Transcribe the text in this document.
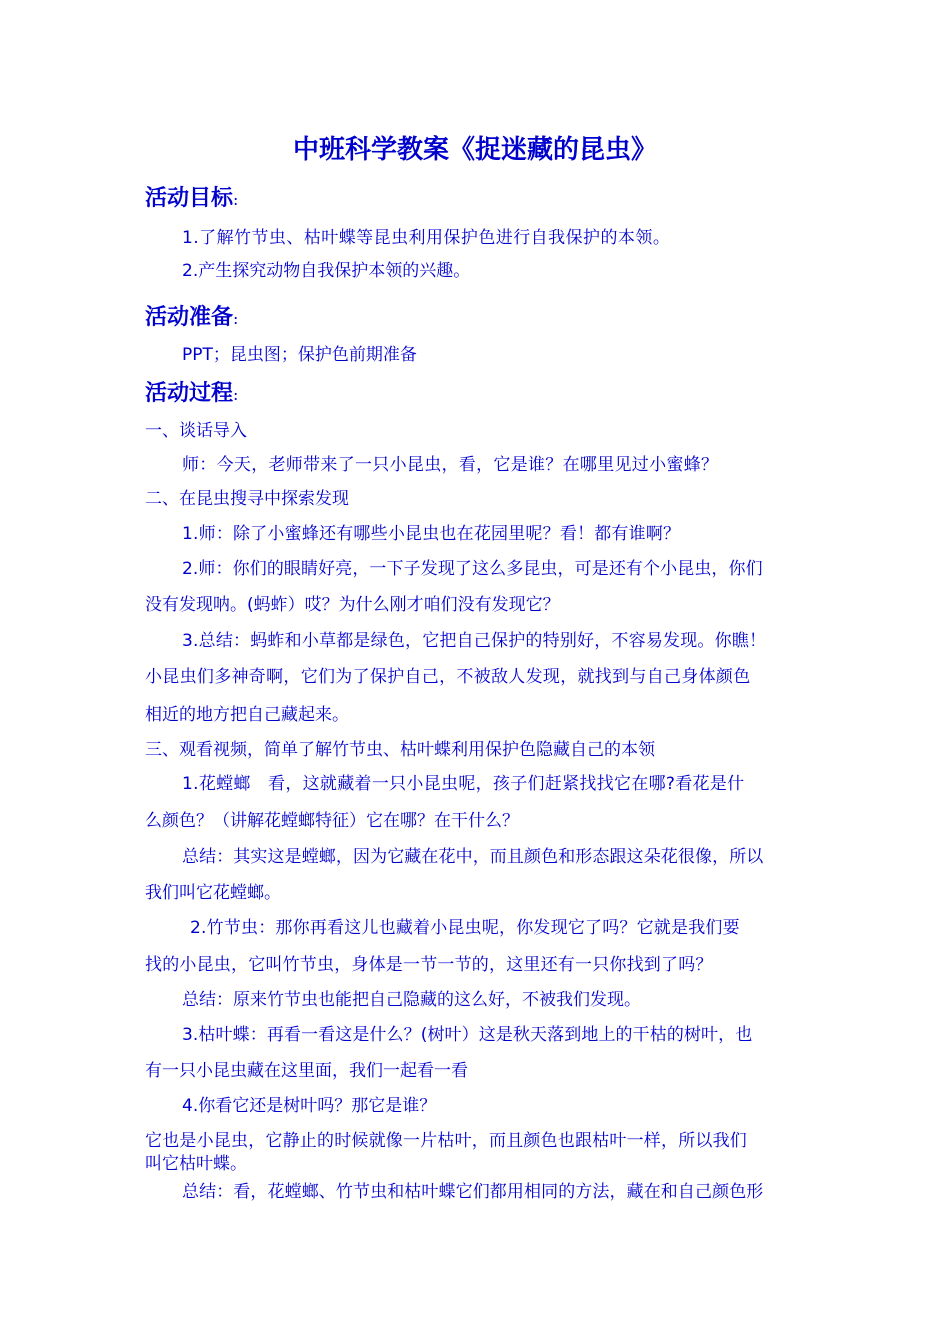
中班科学教案《捉迷藏的昆虫》
活动目标:

1.了解竹节虫、枯叶蝶等昆虫利用保护色进行自我保护的本领。

2.产生探究动物自我保护本领的兴趣。

活动准备:

PPT；昆虫图；保护色前期准备

活动过程:

一、谈话导入

师：今天，老师带来了一只小昆虫，看，它是谁？在哪里见过小蜜蜂？

二、在昆虫搜寻中探索发现

1.师：除了小蜜蜂还有哪些小昆虫也在花园里呢？看！都有谁啊？

2.师：你们的眼睛好亮，一下子发现了这么多昆虫，可是还有个小昆虫，你们

没有发现呐。(蚂蚱）哎？为什么刚才咱们没有发现它？

3.总结：蚂蚱和小草都是绿色，它把自己保护的特别好，不容易发现。你瞧！

小昆虫们多神奇啊，它们为了保护自己，不被敌人发现，就找到与自己身体颜色

相近的地方把自己藏起来。

三、观看视频，简单了解竹节虫、枯叶蝶利用保护色隐藏自己的本领

1.花螳螂　看，这就藏着一只小昆虫呢，孩子们赶紧找找它在哪?看花是什

么颜色？（讲解花螳螂特征）它在哪？在干什么？

总结：其实这是螳螂，因为它藏在花中，而且颜色和形态跟这朵花很像，所以

我们叫它花螳螂。

2.竹节虫：那你再看这儿也藏着小昆虫呢，你发现它了吗？它就是我们要

找的小昆虫，它叫竹节虫，身体是一节一节的，这里还有一只你找到了吗？

总结：原来竹节虫也能把自己隐藏的这么好，不被我们发现。

3.枯叶蝶：再看一看这是什么？(树叶）这是秋天落到地上的干枯的树叶，也

有一只小昆虫藏在这里面，我们一起看一看

4.你看它还是树叶吗？那它是谁？

它也是小昆虫，它静止的时候就像一片枯叶，而且颜色也跟枯叶一样，所以我们

叫它枯叶蝶。

总结：看，花螳螂、竹节虫和枯叶蝶它们都用相同的方法，藏在和自己颜色形
